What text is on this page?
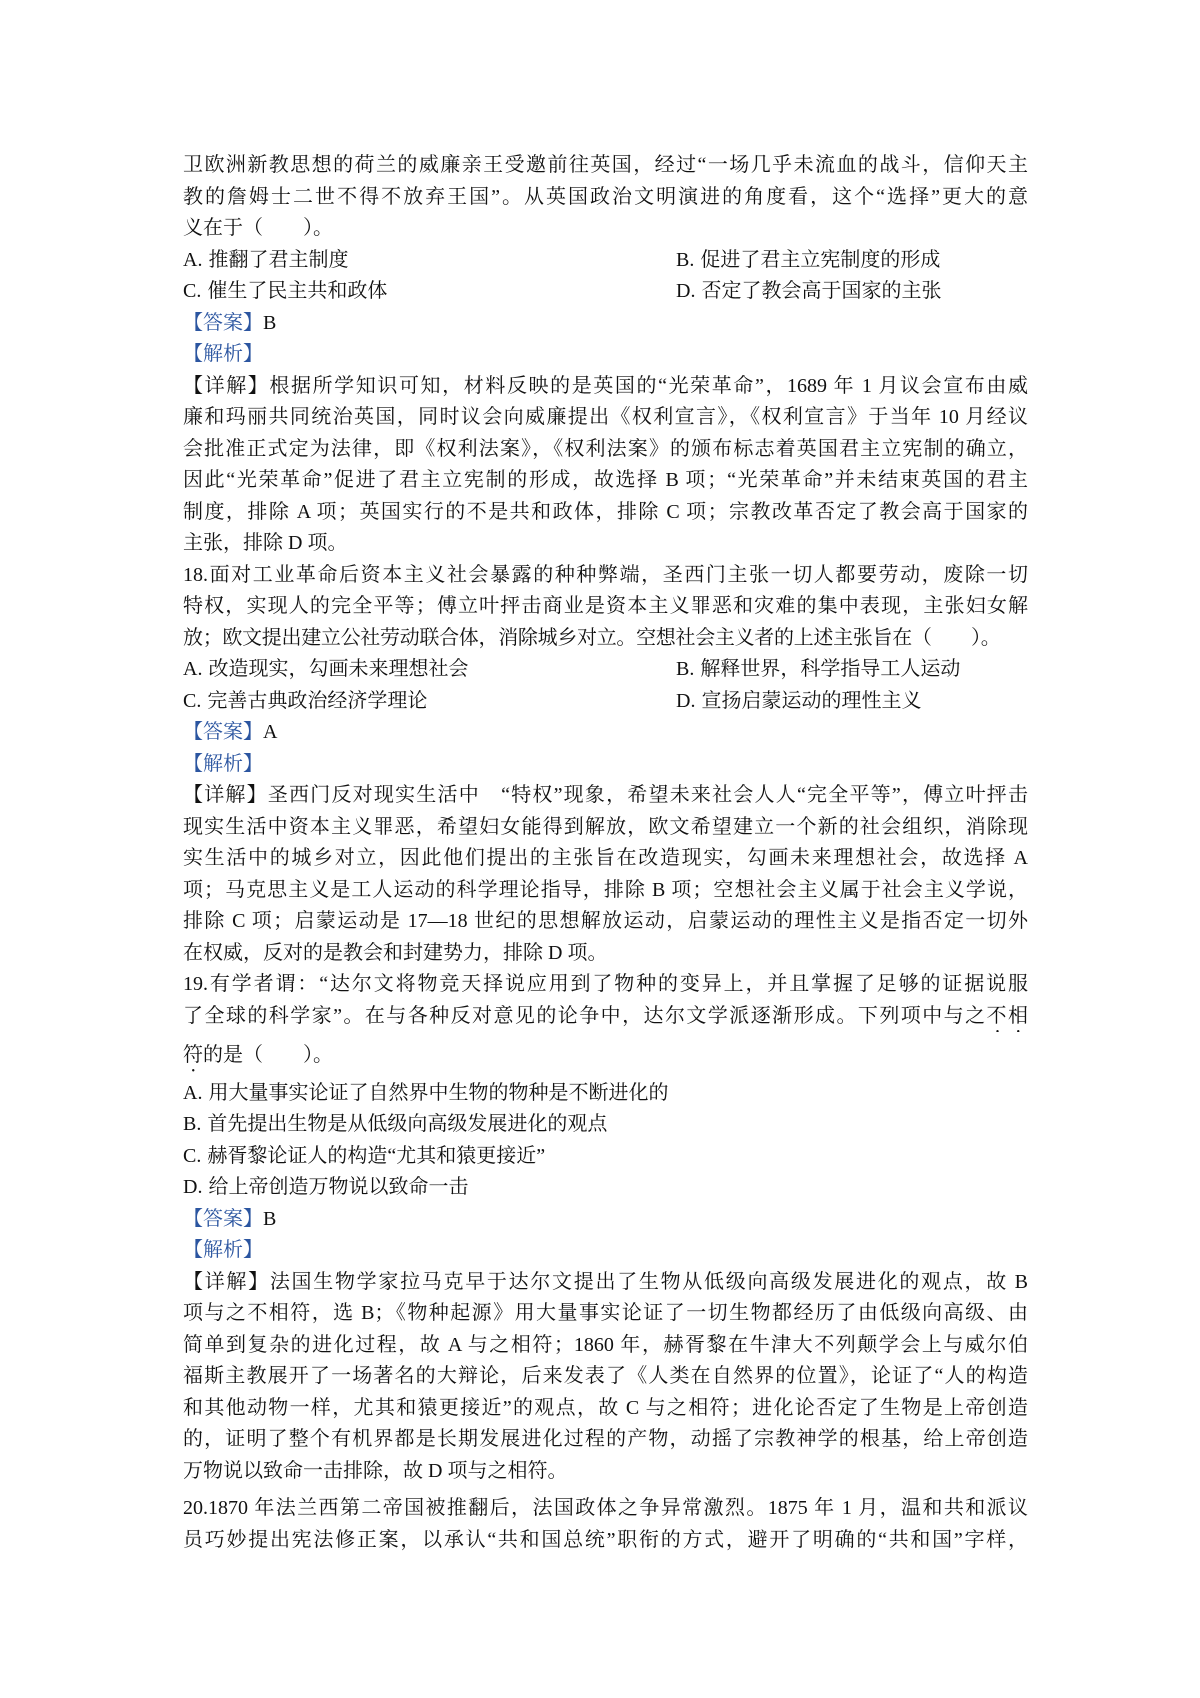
卫欧洲新教思想的荷兰的威廉亲王受邀前往英国，经过“一场几乎未流血的战斗，信仰天主
教的詹姆士二世不得不放弃王国”。从英国政治文明演进的角度看，这个“选择”更大的意
义在于（　　）。
A. 推翻了君主制度	B. 促进了君主立宪制度的形成
C. 催生了民主共和政体	D. 否定了教会高于国家的主张
【答案】B
【解析】
【详解】根据所学知识可知，材料反映的是英国的“光荣革命”，1689 年 1 月议会宣布由威
廉和玛丽共同统治英国，同时议会向威廉提出《权利宣言》，《权利宣言》于当年 10 月经议
会批准正式定为法律，即《权利法案》，《权利法案》的颁布标志着英国君主立宪制的确立，
因此“光荣革命”促进了君主立宪制的形成，故选择 B 项；“光荣革命”并未结束英国的君主
制度，排除 A 项；英国实行的不是共和政体，排除 C 项；宗教改革否定了教会高于国家的
主张，排除 D 项。
18.面对工业革命后资本主义社会暴露的种种弊端，圣西门主张一切人都要劳动，废除一切
特权，实现人的完全平等；傅立叶抨击商业是资本主义罪恶和灾难的集中表现，主张妇女解
放；欧文提出建立公社劳动联合体，消除城乡对立。空想社会主义者的上述主张旨在（　　）。
A. 改造现实，勾画未来理想社会	B. 解释世界，科学指导工人运动
C. 完善古典政治经济学理论	D. 宣扬启蒙运动的理性主义
【答案】A
【解析】
【详解】圣西门反对现实生活中　“特权”现象，希望未来社会人人“完全平等”，傅立叶抨击
现实生活中资本主义罪恶，希望妇女能得到解放，欧文希望建立一个新的社会组织，消除现
实生活中的城乡对立，因此他们提出的主张旨在改造现实，勾画未来理想社会，故选择 A
项；马克思主义是工人运动的科学理论指导，排除 B 项；空想社会主义属于社会主义学说，
排除 C 项；启蒙运动是 17—18 世纪的思想解放运动，启蒙运动的理性主义是指否定一切外
在权威，反对的是教会和封建势力，排除 D 项。
19.有学者谓：“达尔文将物竞天择说应用到了物种的变异上，并且掌握了足够的证据说服
了全球的科学家”。在与各种反对意见的论争中，达尔文学派逐渐形成。下列项中与之不相
符的是（　　）。
A. 用大量事实论证了自然界中生物的物种是不断进化的
B. 首先提出生物是从低级向高级发展进化的观点
C. 赫胥黎论证人的构造“尤其和猿更接近”
D. 给上帝创造万物说以致命一击
【答案】B
【解析】
【详解】法国生物学家拉马克早于达尔文提出了生物从低级向高级发展进化的观点，故 B
项与之不相符，选 B；《物种起源》用大量事实论证了一切生物都经历了由低级向高级、由
简单到复杂的进化过程，故 A 与之相符；1860 年，赫胥黎在牛津大不列颠学会上与威尔伯
福斯主教展开了一场著名的大辩论，后来发表了《人类在自然界的位置》，论证了“人的构造
和其他动物一样，尤其和猿更接近”的观点，故 C 与之相符；进化论否定了生物是上帝创造
的，证明了整个有机界都是长期发展进化过程的产物，动摇了宗教神学的根基，给上帝创造
万物说以致命一击排除，故 D 项与之相符。
20.1870 年法兰西第二帝国被推翻后，法国政体之争异常激烈。1875 年 1 月，温和共和派议
员巧妙提出宪法修正案，以承认“共和国总统”职衔的方式，避开了明确的“共和国”字样，
